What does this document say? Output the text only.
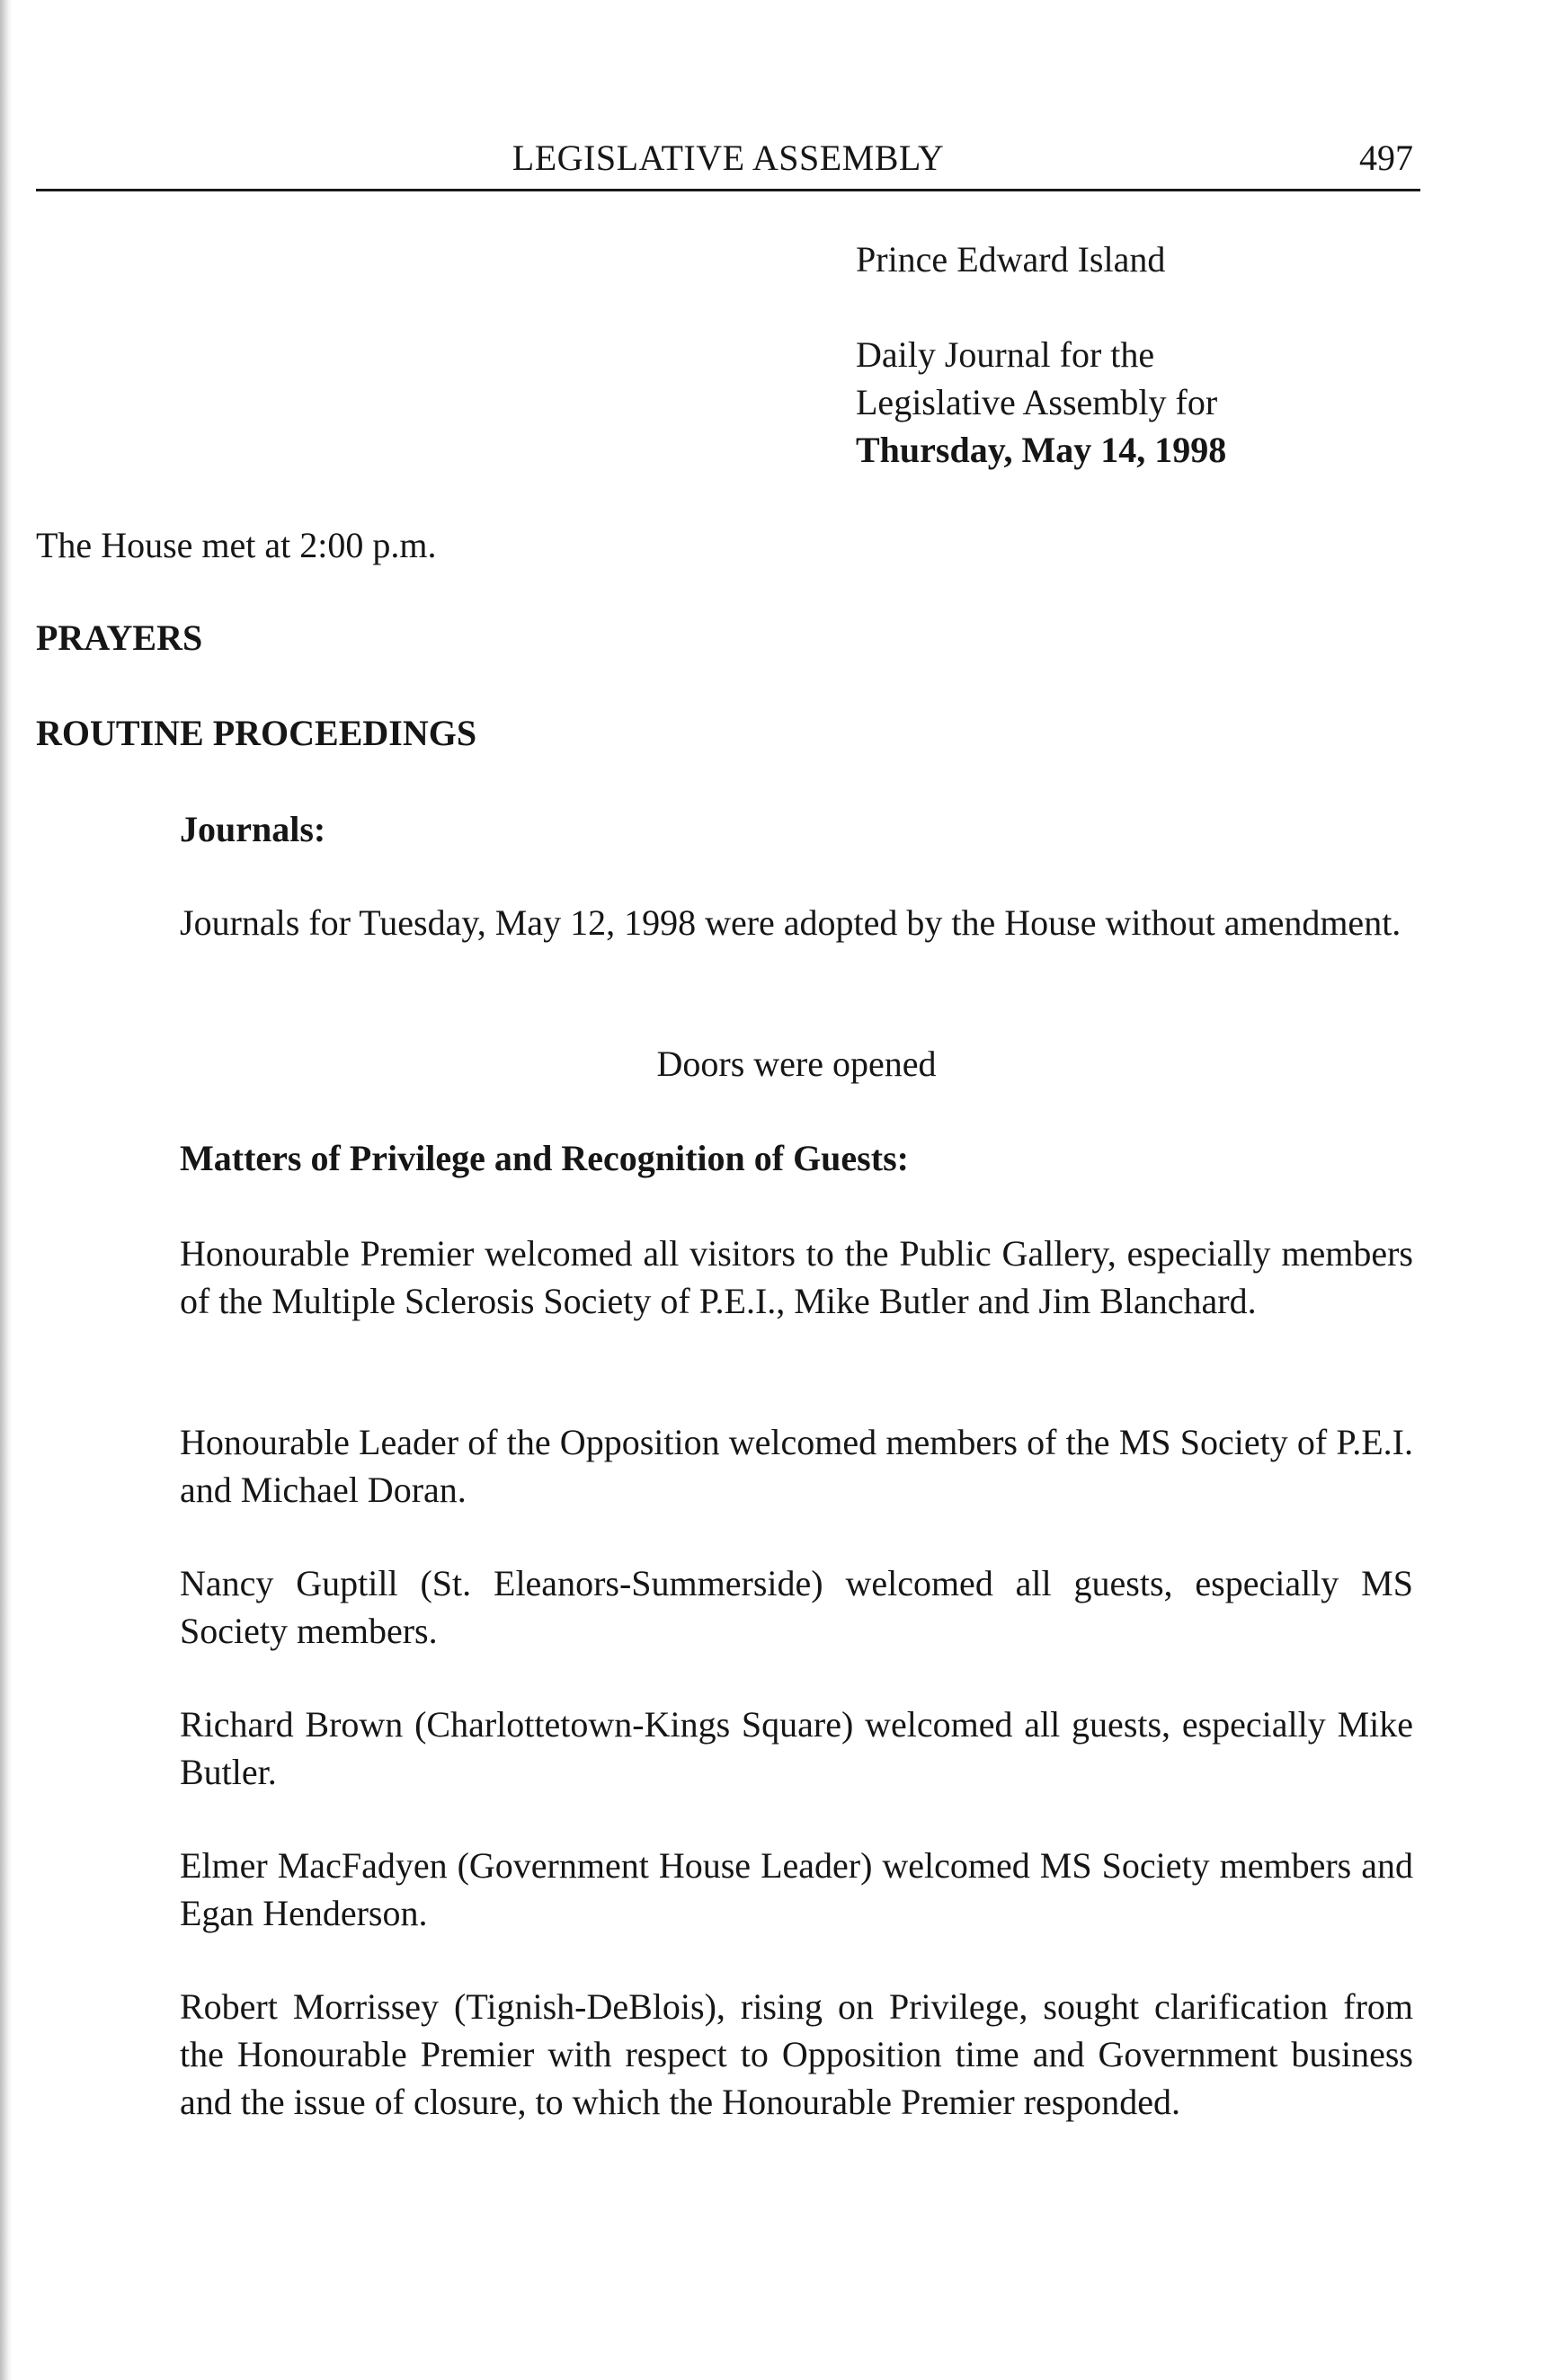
LEGISLATIVE ASSEMBLY	497
Prince Edward Island
Daily Journal for the
Legislative Assembly for
Thursday, May 14, 1998
The House met at 2:00 p.m.
PRAYERS
ROUTINE PROCEEDINGS
Journals:
Journals for Tuesday, May 12, 1998 were adopted by the House without amendment.
Doors were opened
Matters of Privilege and Recognition of Guests:
Honourable Premier welcomed all visitors to the Public Gallery, especially members of the Multiple Sclerosis Society of P.E.I., Mike Butler and Jim Blanchard.
Honourable Leader of the Opposition welcomed members of the MS Society of P.E.I. and Michael Doran.
Nancy Guptill (St. Eleanors-Summerside) welcomed all guests, especially MS Society members.
Richard Brown (Charlottetown-Kings Square) welcomed all guests, especially Mike Butler.
Elmer MacFadyen (Government House Leader) welcomed MS Society members and Egan Henderson.
Robert Morrissey (Tignish-DeBlois), rising on Privilege, sought clarification from the Honourable Premier with respect to Opposition time and Government business and the issue of closure, to which the Honourable Premier responded.
